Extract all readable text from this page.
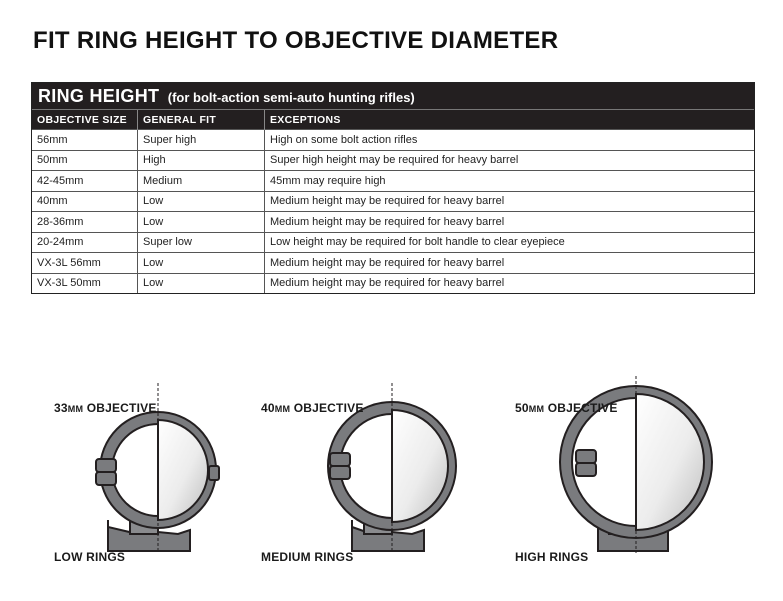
FIT RING HEIGHT TO OBJECTIVE DIAMETER
RING HEIGHT (for bolt-action semi-auto hunting rifles)
OBJECTIVE SIZE	GENERAL FIT	EXCEPTIONS
56mm	Super high	High on some bolt action rifles
50mm	High	Super high height may be required for heavy barrel
42-45mm	Medium	45mm may require high
40mm	Low	Medium height may be required for heavy barrel
28-36mm	Low	Medium height may be required for heavy barrel
20-24mm	Super low	Low height may be required for bolt handle to clear eyepiece
VX-3L 56mm	Low	Medium height may be required for heavy barrel
VX-3L 50mm	Low	Medium height may be required for heavy barrel

33MM OBJECTIVE	40MM OBJECTIVE	50MM OBJECTIVE

LOW RINGS	MEDIUM RINGS	HIGH RINGS
